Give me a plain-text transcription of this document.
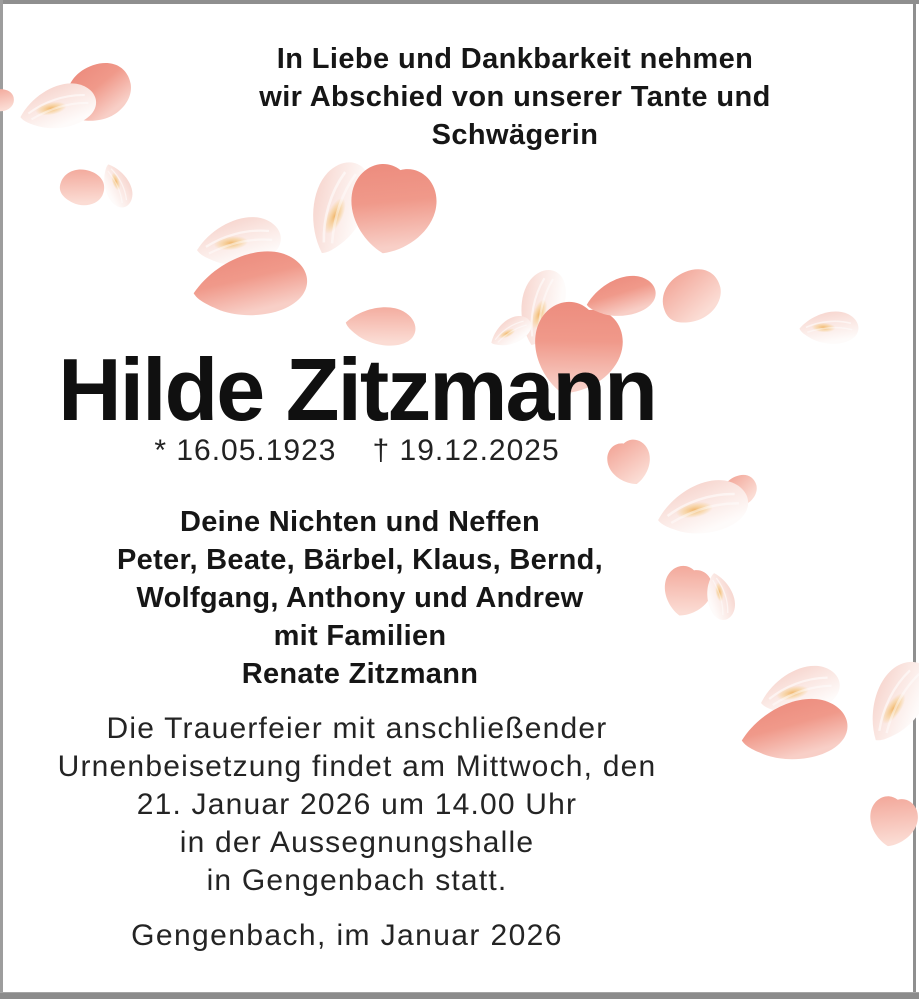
In Liebe und Dankbarkeit nehmen
wir Abschied von unserer Tante und
Schwägerin
Hilde Zitzmann
* 16.05.1923 † 19.12.2025
Deine Nichten und Neffen
Peter, Beate, Bärbel, Klaus, Bernd,
Wolfgang, Anthony und Andrew
mit Familien
Renate Zitzmann
Die Trauerfeier mit anschließender
Urnenbeisetzung findet am Mittwoch, den
21. Januar 2026 um 14.00 Uhr
in der Aussegnungshalle
in Gengenbach statt.
Gengenbach, im Januar 2026
